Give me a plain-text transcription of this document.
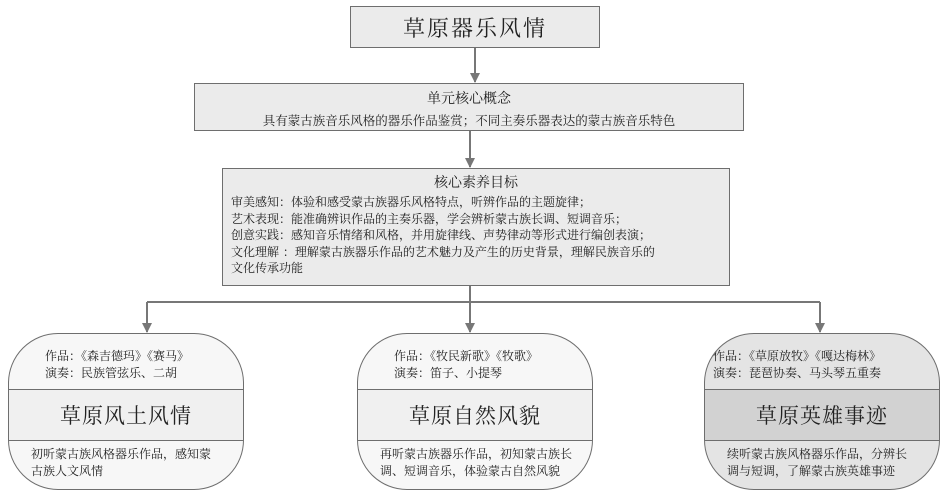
草原器乐风情
单元核心概念
具有蒙古族音乐风格的器乐作品鉴赏；不同主奏乐器表达的蒙古族音乐特色
核心素养目标
审美感知：体验和感受蒙古族器乐风格特点，听辨作品的主题旋律；
艺术表现：能准确辨识作品的主奏乐器，学会辨析蒙古族长调、短调音乐；
创意实践：感知音乐情绪和风格，并用旋律线、声势律动等形式进行编创表演；
文化理解 ：理解蒙古族器乐作品的艺术魅力及产生的历史背景，理解民族音乐的
文化传承功能
作品：《森吉德玛》《赛马》
演奏：民族管弦乐、二胡
草原风土风情
初听蒙古族风格器乐作品，感知蒙
古族人文风情
作品：《牧民新歌》《牧歌》
演奏：笛子、小提琴
草原自然风貌
再听蒙古族器乐作品，初知蒙古族长
调、短调音乐，体验蒙古自然风貌
作品：《草原放牧》《嘎达梅林》
演奏：琵琶协奏、马头琴五重奏
草原英雄事迹
续听蒙古族风格器乐作品，分辨长
调与短调，了解蒙古族英雄事迹
